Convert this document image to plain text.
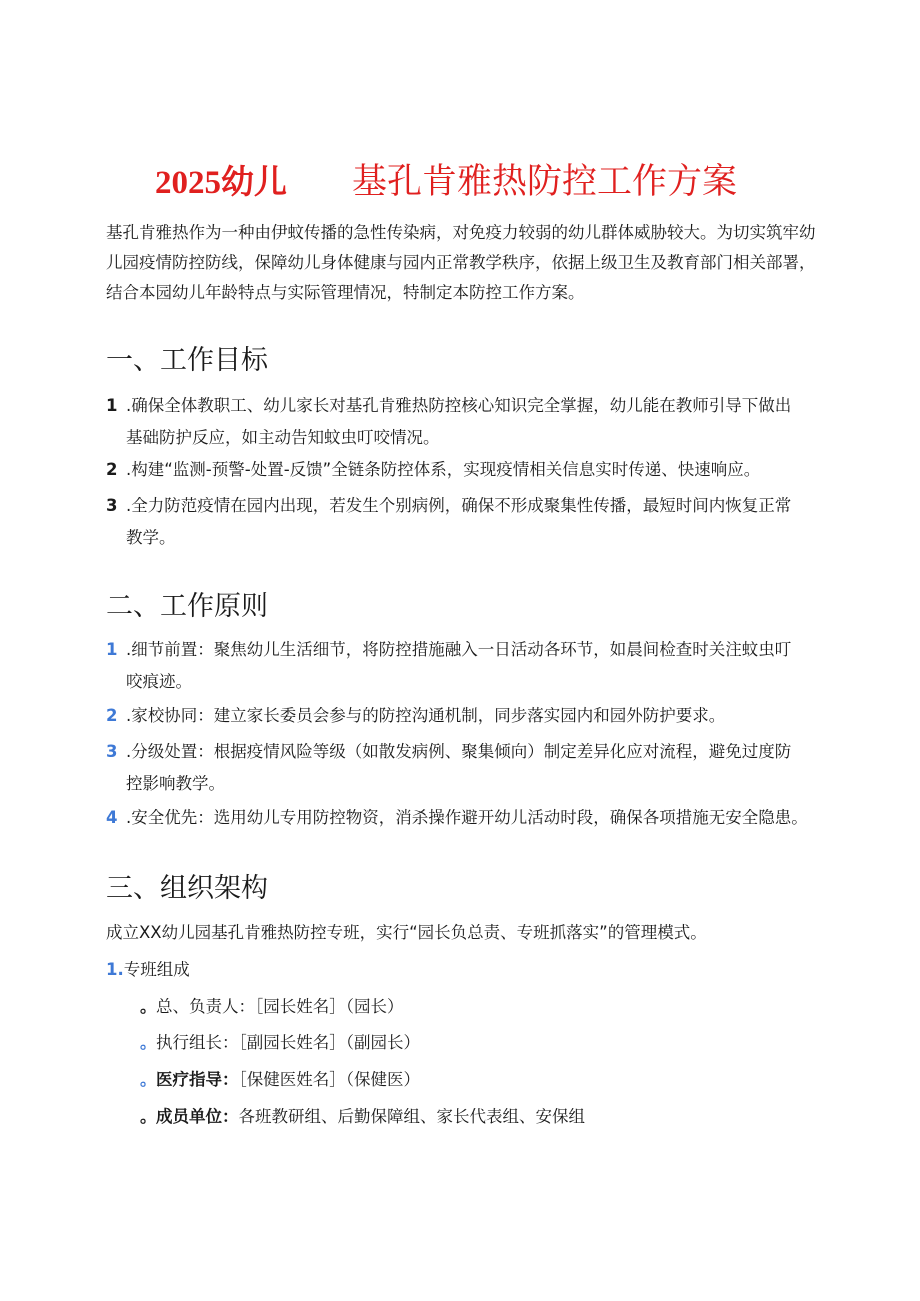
2025幼儿 基孔肯雅热防控工作方案
基孔肯雅热作为一种由伊蚊传播的急性传染病，对免疫力较弱的幼儿群体威胁较大。为切实筑牢幼儿园疫情防控防线，保障幼儿身体健康与园内正常教学秩序，依据上级卫生及教育部门相关部署，结合本园幼儿年龄特点与实际管理情况，特制定本防控工作方案。
一、工作目标
1 .确保全体教职工、幼儿家长对基孔肯雅热防控核心知识完全掌握，幼儿能在教师引导下做出
基础防护反应，如主动告知蚊虫叮咬情况。
2 .构建“监测-预警-处置-反馈”全链条防控体系，实现疫情相关信息实时传递、快速响应。
3 .全力防范疫情在园内出现，若发生个别病例，确保不形成聚集性传播，最短时间内恢复正常
教学。
二、工作原则
1 .细节前置：聚焦幼儿生活细节，将防控措施融入一日活动各环节，如晨间检查时关注蚊虫叮
咬痕迹。
2 .家校协同：建立家长委员会参与的防控沟通机制，同步落实园内和园外防护要求。
3 .分级处置：根据疫情风险等级（如散发病例、聚集倾向）制定差异化应对流程，避免过度防
控影响教学。
4 .安全优先：选用幼儿专用防控物资，消杀操作避开幼儿活动时段，确保各项措施无安全隐患。
三、组织架构
成立XX幼儿园基孔肯雅热防控专班，实行“园长负总责、专班抓落实”的管理模式。
1.专班组成
。总、负责人：［园长姓名］（园长）
。执行组长：［副园长姓名］（副园长）
。医疗指导：［保健医姓名］（保健医）
。成员单位：各班教研组、后勤保障组、家长代表组、安保组
